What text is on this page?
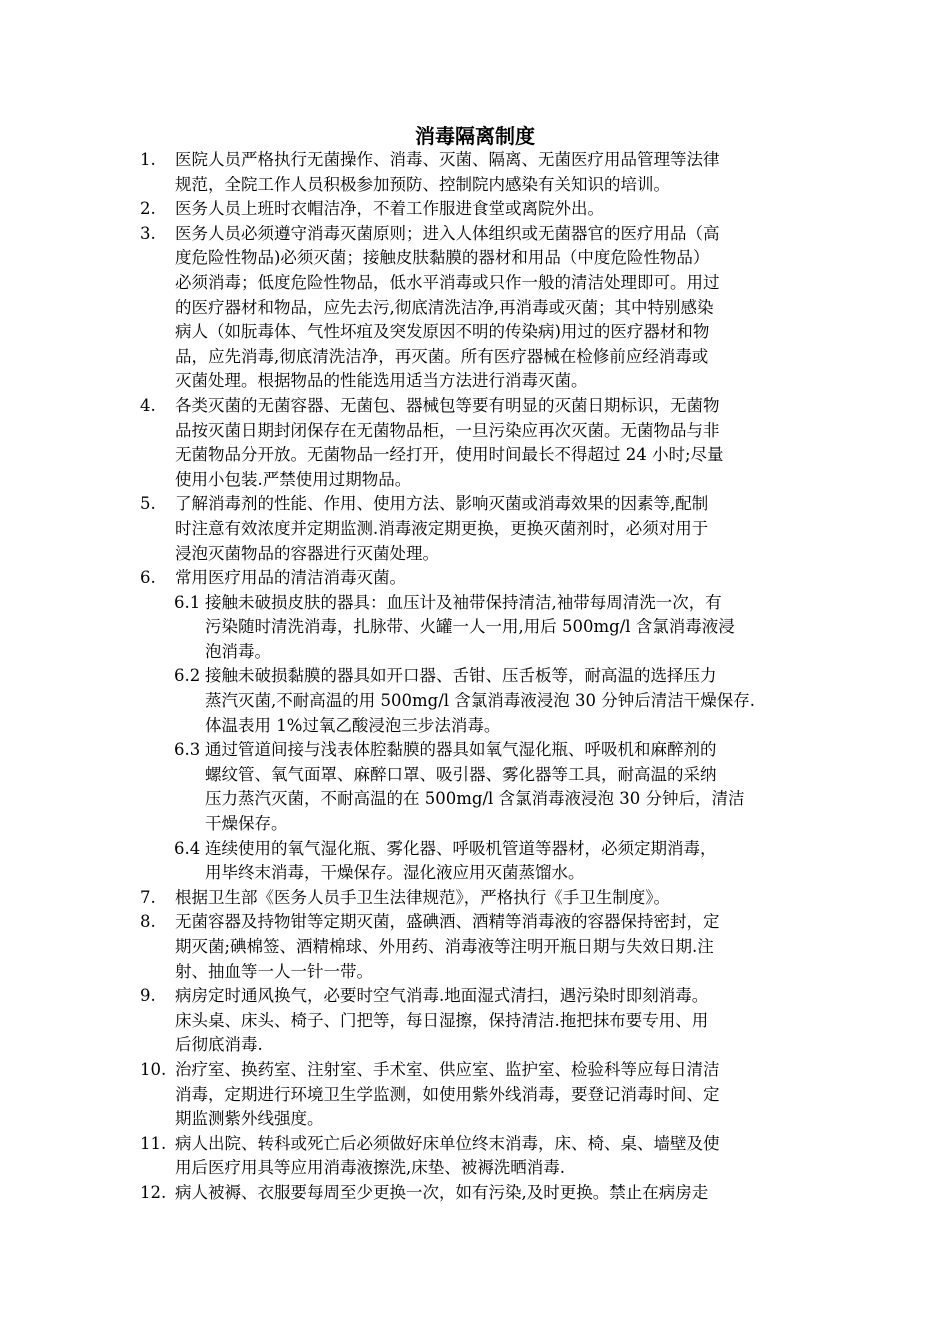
消毒隔离制度
1. 医院人员严格执行无菌操作、消毒、灭菌、隔离、无菌医疗用品管理等法律
规范，全院工作人员积极参加预防、控制院内感染有关知识的培训。
2. 医务人员上班时衣帽洁净，不着工作服进食堂或离院外出。
3. 医务人员必须遵守消毒灭菌原则；进入人体组织或无菌器官的医疗用品（高
度危险性物品)必须灭菌；接触皮肤黏膜的器材和用品（中度危险性物品）
必须消毒；低度危险性物品，低水平消毒或只作一般的清洁处理即可。用过
的医疗器材和物品，应先去污,彻底清洗洁净,再消毒或灭菌；其中特别感染
病人（如朊毒体、气性坏疽及突发原因不明的传染病)用过的医疗器材和物
品，应先消毒,彻底清洗洁净，再灭菌。所有医疗器械在检修前应经消毒或
灭菌处理。根据物品的性能选用适当方法进行消毒灭菌。
4. 各类灭菌的无菌容器、无菌包、器械包等要有明显的灭菌日期标识，无菌物
品按灭菌日期封闭保存在无菌物品柜，一旦污染应再次灭菌。无菌物品与非
无菌物品分开放。无菌物品一经打开，使用时间最长不得超过 24 小时;尽量
使用小包装.严禁使用过期物品。
5. 了解消毒剂的性能、作用、使用方法、影响灭菌或消毒效果的因素等,配制
时注意有效浓度并定期监测.消毒液定期更换，更换灭菌剂时，必须对用于
浸泡灭菌物品的容器进行灭菌处理。
6. 常用医疗用品的清洁消毒灭菌。
6.1 接触未破损皮肤的器具：血压计及袖带保持清洁,袖带每周清洗一次，有
污染随时清洗消毒，扎脉带、火罐一人一用,用后 500mg/l 含氯消毒液浸
泡消毒。
6.2 接触未破损黏膜的器具如开口器、舌钳、压舌板等，耐高温的选择压力
蒸汽灭菌,不耐高温的用 500mg/l 含氯消毒液浸泡 30 分钟后清洁干燥保存.
体温表用 1%过氧乙酸浸泡三步法消毒。
6.3 通过管道间接与浅表体腔黏膜的器具如氧气湿化瓶、呼吸机和麻醉剂的
螺纹管、氧气面罩、麻醉口罩、吸引器、雾化器等工具，耐高温的采纳
压力蒸汽灭菌，不耐高温的在 500mg/l 含氯消毒液浸泡 30 分钟后，清洁
干燥保存。
6.4 连续使用的氧气湿化瓶、雾化器、呼吸机管道等器材，必须定期消毒，
用毕终末消毒，干燥保存。湿化液应用灭菌蒸馏水。
7. 根据卫生部《医务人员手卫生法律规范》，严格执行《手卫生制度》。
8. 无菌容器及持物钳等定期灭菌，盛碘酒、酒精等消毒液的容器保持密封，定
期灭菌;碘棉签、酒精棉球、外用药、消毒液等注明开瓶日期与失效日期.注
射、抽血等一人一针一带。
9. 病房定时通风换气，必要时空气消毒.地面湿式清扫，遇污染时即刻消毒。
床头桌、床头、椅子、门把等，每日湿擦，保持清洁.拖把抹布要专用、用
后彻底消毒.
10. 治疗室、换药室、注射室、手术室、供应室、监护室、检验科等应每日清洁
消毒，定期进行环境卫生学监测，如使用紫外线消毒，要登记消毒时间、定
期监测紫外线强度。
11. 病人出院、转科或死亡后必须做好床单位终末消毒，床、椅、桌、墙壁及使
用后医疗用具等应用消毒液擦洗,床垫、被褥洗晒消毒.
12. 病人被褥、衣服要每周至少更换一次，如有污染,及时更换。禁止在病房走
